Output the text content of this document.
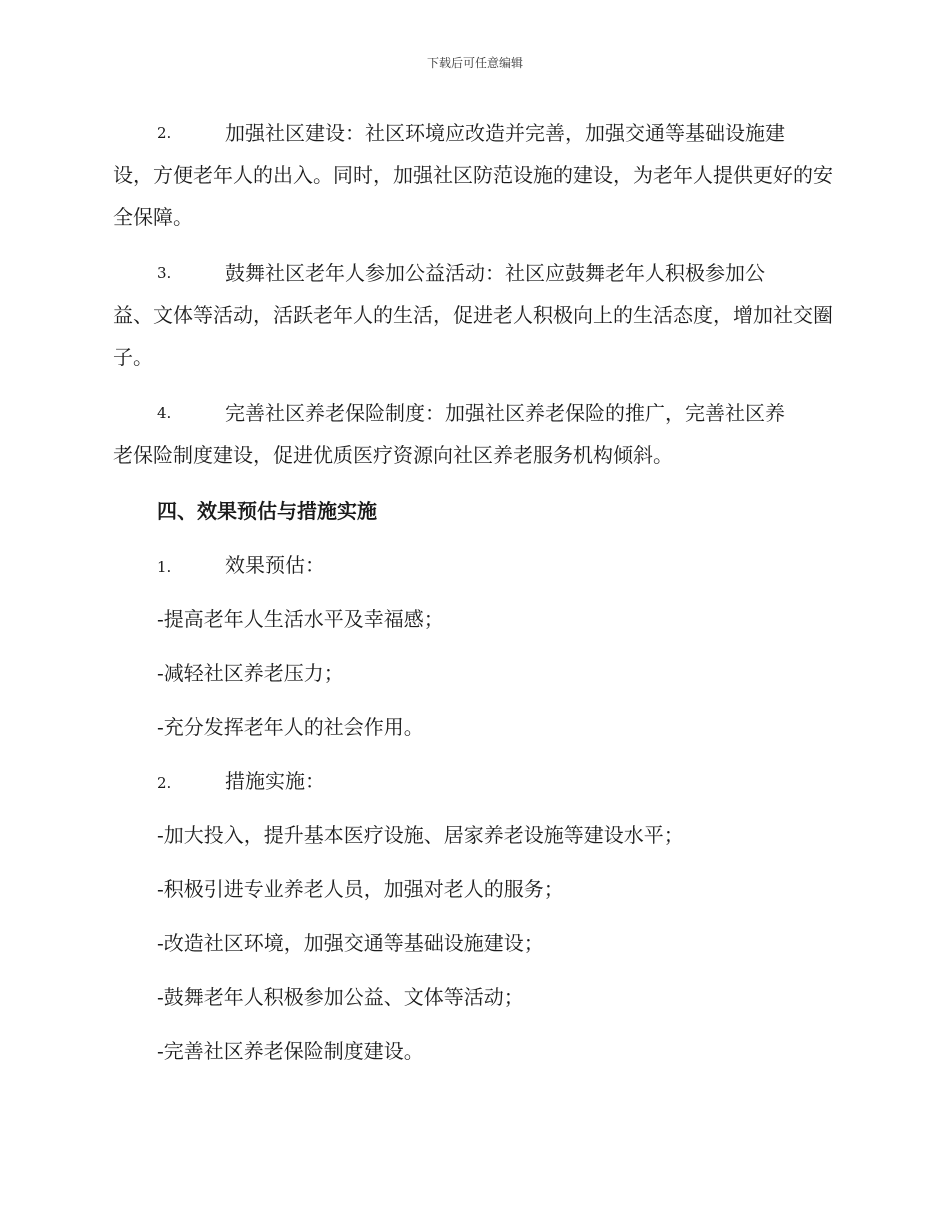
下载后可任意编辑
2.	加强社区建设：社区环境应改造并完善，加强交通等基础设施建
设，方便老年人的出入。同时，加强社区防范设施的建设，为老年人提供更好的安全保障。
3.	鼓舞社区老年人参加公益活动：社区应鼓舞老年人积极参加公
益、文体等活动，活跃老年人的生活，促进老人积极向上的生活态度，增加社交圈子。
4.	完善社区养老保险制度：加强社区养老保险的推广，完善社区养
老保险制度建设，促进优质医疗资源向社区养老服务机构倾斜。
四、效果预估与措施实施
1.	效果预估：
-提高老年人生活水平及幸福感；
-减轻社区养老压力；
-充分发挥老年人的社会作用。
2.	措施实施：
-加大投入，提升基本医疗设施、居家养老设施等建设水平；
-积极引进专业养老人员，加强对老人的服务；
-改造社区环境，加强交通等基础设施建设；
-鼓舞老年人积极参加公益、文体等活动；
-完善社区养老保险制度建设。
